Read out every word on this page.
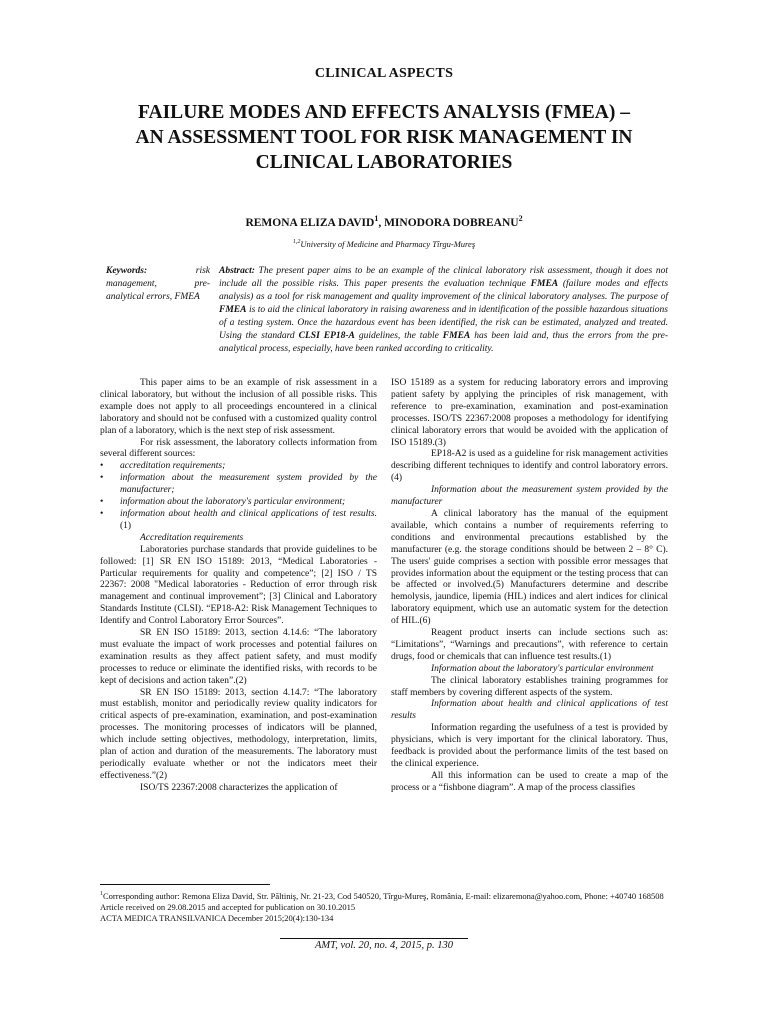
CLINICAL ASPECTS
FAILURE MODES AND EFFECTS ANALYSIS (FMEA) –
AN ASSESSMENT TOOL FOR RISK MANAGEMENT IN
CLINICAL LABORATORIES
REMONA ELIZA DAVID$^1$, MINODORA DOBREANU$^2$
$^{1,2}$University of Medicine and Pharmacy Tîrgu-Mureş
Keywords:	risk management, pre-analytical errors, FMEA
Abstract: The present paper aims to be an example of the clinical laboratory risk assessment, though it does not include all the possible risks. This paper presents the evaluation technique FMEA (failure modes and effects analysis) as a tool for risk management and quality improvement of the clinical laboratory analyses. The purpose of FMEA is to aid the clinical laboratory in raising awareness and in identification of the possible hazardous situations of a testing system. Once the hazardous event has been identified, the risk can be estimated, analyzed and treated. Using the standard CLSI EP18-A guidelines, the table FMEA has been laid and, thus the errors from the pre-analytical process, especially, have been ranked according to criticality.

This paper aims to be an example of risk assessment in a clinical laboratory, but without the inclusion of all possible risks. This example does not apply to all proceedings encountered in a clinical laboratory and should not be confused with a customized quality control plan of a laboratory, which is the next step of risk assessment.

For risk assessment, the laboratory collects information from several different sources:

• accreditation requirements;
• information about the measurement system provided by the manufacturer;
• information about the laboratory's particular environment;
• information about health and clinical applications of test results.(1)

Accreditation requirements

Laboratories purchase standards that provide guidelines to be followed: [1] SR EN ISO 15189: 2013, “Medical Laboratories - Particular requirements for quality and competence”; [2] ISO / TS 22367: 2008 "Medical laboratories - Reduction of error through risk management and continual improvement”; [3] Clinical and Laboratory Standards Institute (CLSI). “EP18-A2: Risk Management Techniques to Identify and Control Laboratory Error Sources”.

SR EN ISO 15189: 2013, section 4.14.6: “The laboratory must evaluate the impact of work processes and potential failures on examination results as they affect patient safety, and must modify processes to reduce or eliminate the identified risks, with records to be kept of decisions and action taken”.(2)

SR EN ISO 15189: 2013, section 4.14.7: “The laboratory must establish, monitor and periodically review quality indicators for critical aspects of pre-examination, examination, and post-examination processes. The monitoring processes of indicators will be planned, which include setting objectives, methodology, interpretation, limits, plan of action and duration of the measurements. The laboratory must periodically evaluate whether or not the indicators meet their effectiveness.”(2)

ISO/TS 22367:2008 characterizes the application of

ISO 15189 as a system for reducing laboratory errors and improving patient safety by applying the principles of risk management, with reference to pre-examination, examination and post-examination processes. ISO/TS 22367:2008 proposes a methodology for identifying clinical laboratory errors that would be avoided with the application of ISO 15189.(3)

EP18-A2 is used as a guideline for risk management activities describing different techniques to identify and control laboratory errors.(4)

Information about the measurement system provided by the manufacturer

A clinical laboratory has the manual of the equipment available, which contains a number of requirements referring to conditions and environmental precautions established by the manufacturer (e.g. the storage conditions should be between 2 – 8° C). The users' guide comprises a section with possible error messages that provides information about the equipment or the testing process that can be affected or involved.(5) Manufacturers determine and describe hemolysis, jaundice, lipemia (HIL) indices and alert indices for clinical laboratory equipment, which use an automatic system for the detection of HIL.(6)

Reagent product inserts can include sections such as: “Limitations”, “Warnings and precautions”, with reference to certain drugs, food or chemicals that can influence test results.(1)

Information about the laboratory's particular environment

The clinical laboratory establishes training programmes for staff members by covering different aspects of the system.

Information about health and clinical applications of test results

Information regarding the usefulness of a test is provided by physicians, which is very important for the clinical laboratory. Thus, feedback is provided about the performance limits of the test based on the clinical experience.

All this information can be used to create a map of the process or a “fishbone diagram”. A map of the process classifies

$^1$Corresponding author: Remona Eliza David, Str. Păltiniş, Nr. 21-23, Cod 540520, Tîrgu-Mureş, România, E-mail: elizaremona@yahoo.com, Phone: +40740 168508

Article received on 29.08.2015 and accepted for publication on 30.10.2015

ACTA MEDICA TRANSILVANICA December 2015;20(4):130-134

AMT, vol. 20, no. 4, 2015, p. 130
